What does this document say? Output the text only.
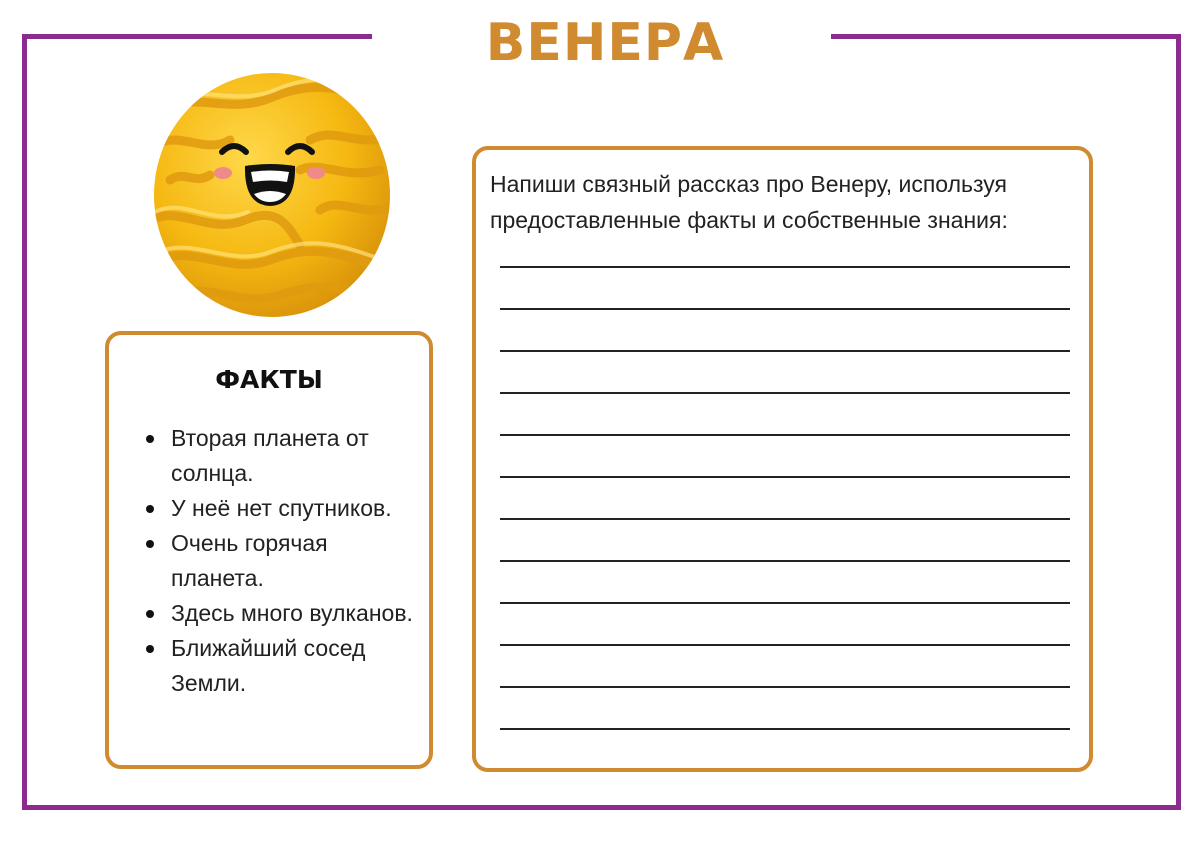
ВЕНЕРА
ФАКТЫ
Вторая планета от солнца.
У неё нет спутников.
Очень горячая планета.
Здесь много вулканов.
Ближайший сосед Земли.
Напиши связный рассказ про Венеру, используя предоставленные факты и собственные знания:
